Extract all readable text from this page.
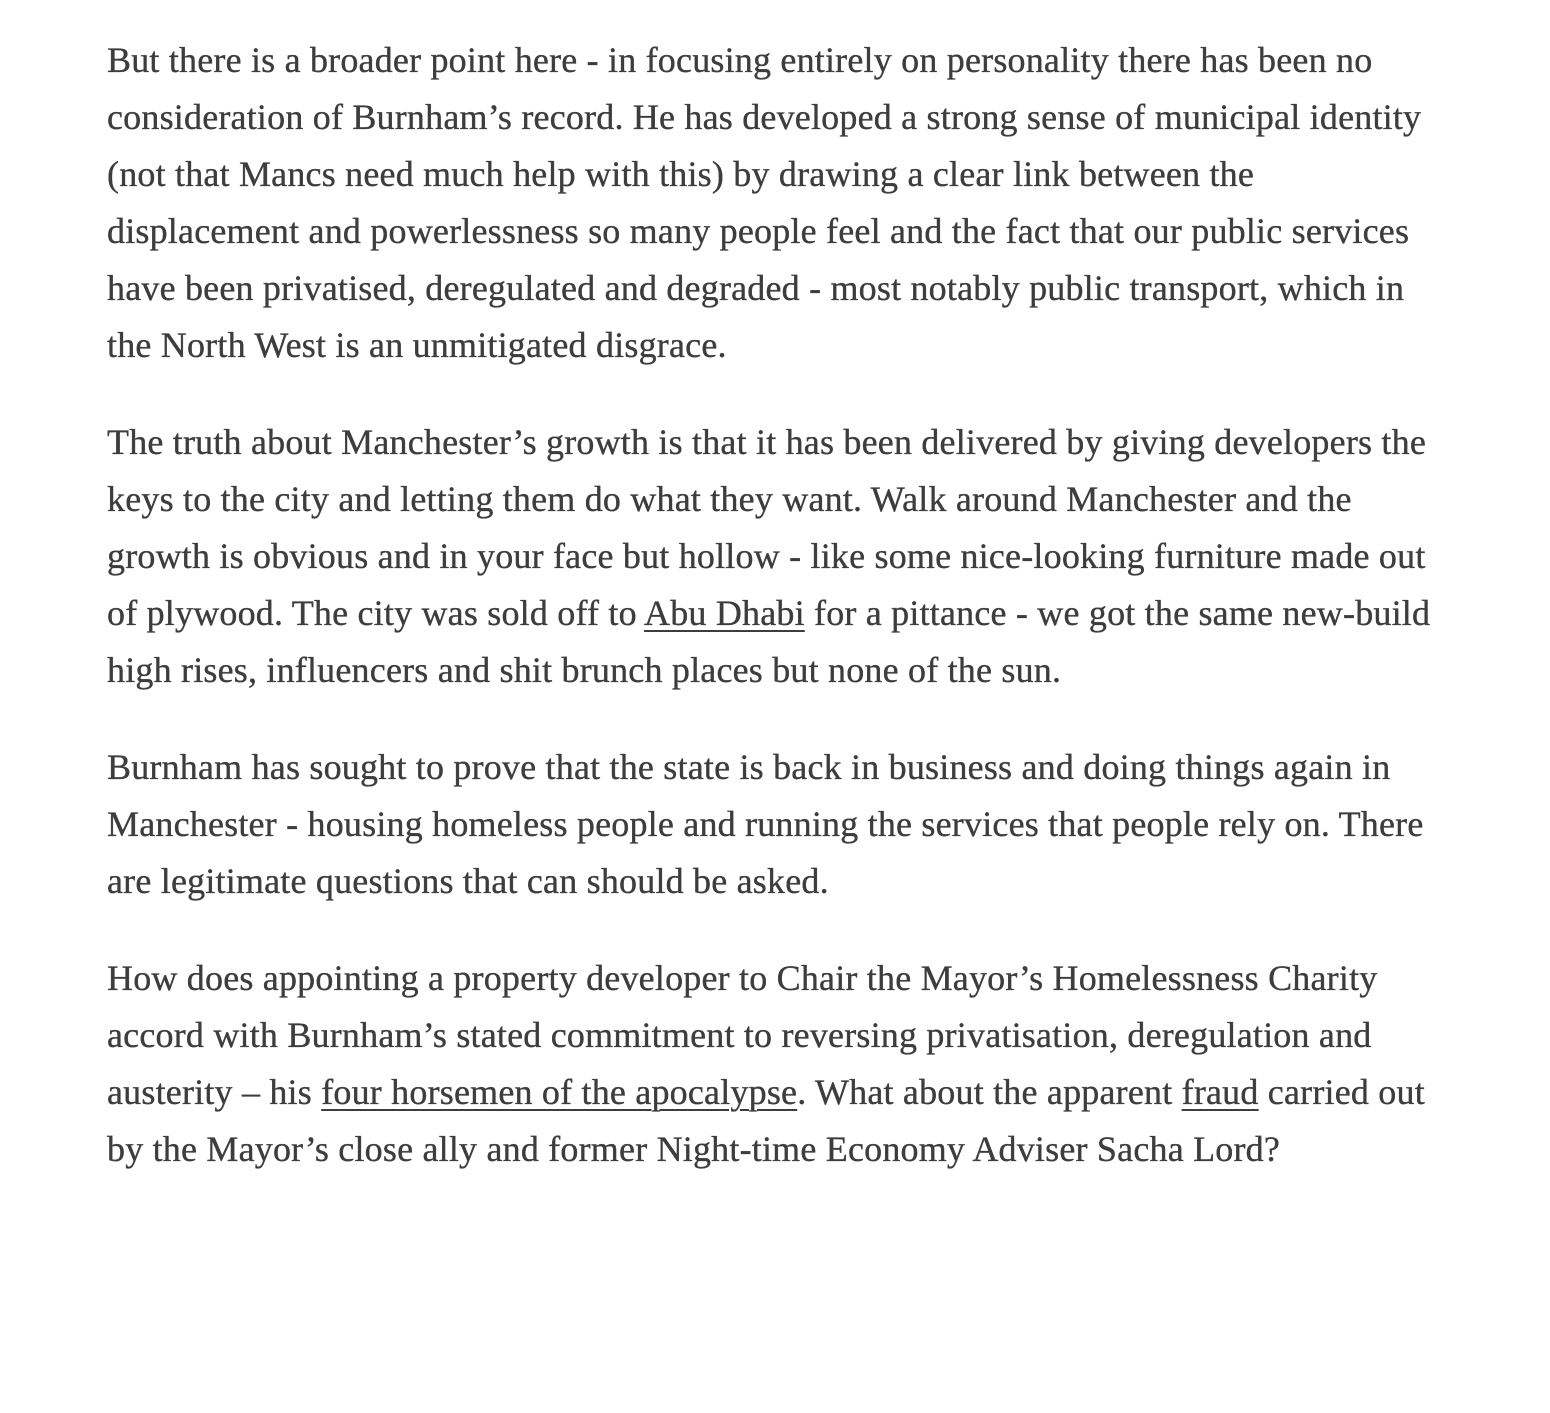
But there is a broader point here - in focusing entirely on personality there has been no consideration of Burnham’s record. He has developed a strong sense of municipal identity (not that Mancs need much help with this) by drawing a clear link between the displacement and powerlessness so many people feel and the fact that our public services have been privatised, deregulated and degraded - most notably public transport, which in the North West is an unmitigated disgrace.

The truth about Manchester’s growth is that it has been delivered by giving developers the keys to the city and letting them do what they want. Walk around Manchester and the growth is obvious and in your face but hollow - like some nice-looking furniture made out of plywood. The city was sold off to Abu Dhabi for a pittance - we got the same new-build high rises, influencers and shit brunch places but none of the sun.

Burnham has sought to prove that the state is back in business and doing things again in Manchester - housing homeless people and running the services that people rely on. There are legitimate questions that can should be asked.

How does appointing a property developer to Chair the Mayor’s Homelessness Charity accord with Burnham’s stated commitment to reversing privatisation, deregulation and austerity – his four horsemen of the apocalypse. What about the apparent fraud carried out by the Mayor’s close ally and former Night-time Economy Adviser Sacha Lord?
